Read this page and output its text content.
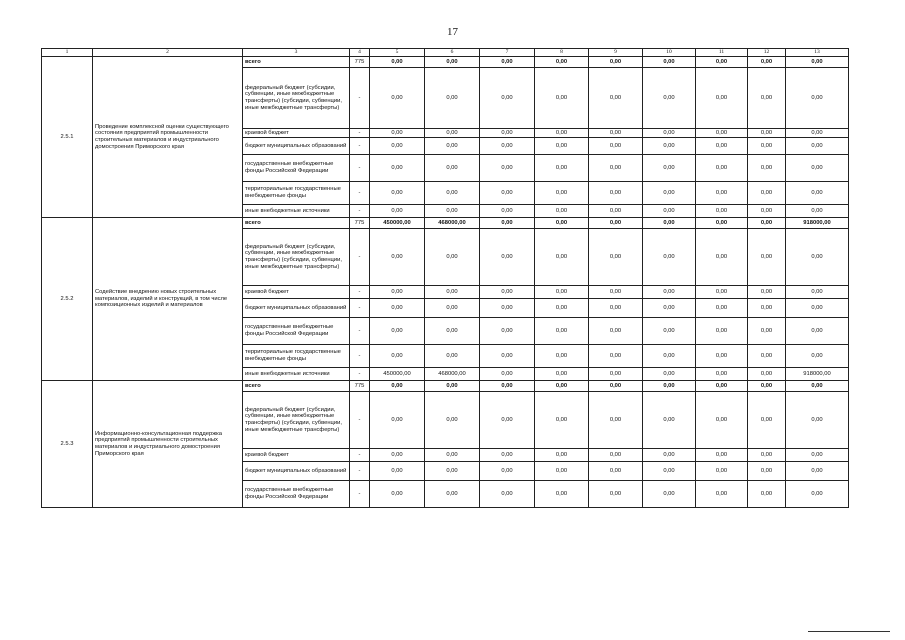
17
1	2	3	4	5	6	7	8	9	10	11	12	13
2.5.1	Проведение комплексной оценки существующего состояния предприятий промышленности строительных материалов и индустриального домостроения Приморского края	всего	775	0,00	0,00	0,00	0,00	0,00	0,00	0,00	0,00	0,00
		федеральный бюджет (субсидии, субвенции, иные межбюджетные трансферты) (субсидии, субвенции, иные межбюджетные трансферты)	-	0,00	0,00	0,00	0,00	0,00	0,00	0,00	0,00	0,00
		краевой бюджет	-	0,00	0,00	0,00	0,00	0,00	0,00	0,00	0,00	0,00
		бюджет муниципальных образований	-	0,00	0,00	0,00	0,00	0,00	0,00	0,00	0,00	0,00
		государственные внебюджетные фонды Российской Федерации	-	0,00	0,00	0,00	0,00	0,00	0,00	0,00	0,00	0,00
		территориальные государственные внебюджетные фонды	-	0,00	0,00	0,00	0,00	0,00	0,00	0,00	0,00	0,00
		иные внебюджетные источники	-	0,00	0,00	0,00	0,00	0,00	0,00	0,00	0,00	0,00
2.5.2	Содействие внедрению новых строительных материалов, изделий и конструкций, в том числе композиционных изделий и материалов	всего	775	450000,00	468000,00	0,00	0,00	0,00	0,00	0,00	0,00	918000,00
		федеральный бюджет (субсидии, субвенции, иные межбюджетные трансферты) (субсидии, субвенции, иные межбюджетные трансферты)	-	0,00	0,00	0,00	0,00	0,00	0,00	0,00	0,00	0,00
		краевой бюджет	-	0,00	0,00	0,00	0,00	0,00	0,00	0,00	0,00	0,00
		бюджет муниципальных образований	-	0,00	0,00	0,00	0,00	0,00	0,00	0,00	0,00	0,00
		государственные внебюджетные фонды Российской Федерации	-	0,00	0,00	0,00	0,00	0,00	0,00	0,00	0,00	0,00
		территориальные государственные внебюджетные фонды	-	0,00	0,00	0,00	0,00	0,00	0,00	0,00	0,00	0,00
		иные внебюджетные источники	-	450000,00	468000,00	0,00	0,00	0,00	0,00	0,00	0,00	918000,00
2.5.3	Информационно-консультационная поддержка предприятий промышленности строительных материалов и индустриального домостроения Приморского края	всего	775	0,00	0,00	0,00	0,00	0,00	0,00	0,00	0,00	0,00
		федеральный бюджет (субсидии, субвенции, иные межбюджетные трансферты) (субсидии, субвенции, иные межбюджетные трансферты)	-	0,00	0,00	0,00	0,00	0,00	0,00	0,00	0,00	0,00
		краевой бюджет	-	0,00	0,00	0,00	0,00	0,00	0,00	0,00	0,00	0,00
		бюджет муниципальных образований	-	0,00	0,00	0,00	0,00	0,00	0,00	0,00	0,00	0,00
		государственные внебюджетные фонды Российской Федерации	-	0,00	0,00	0,00	0,00	0,00	0,00	0,00	0,00	0,00
